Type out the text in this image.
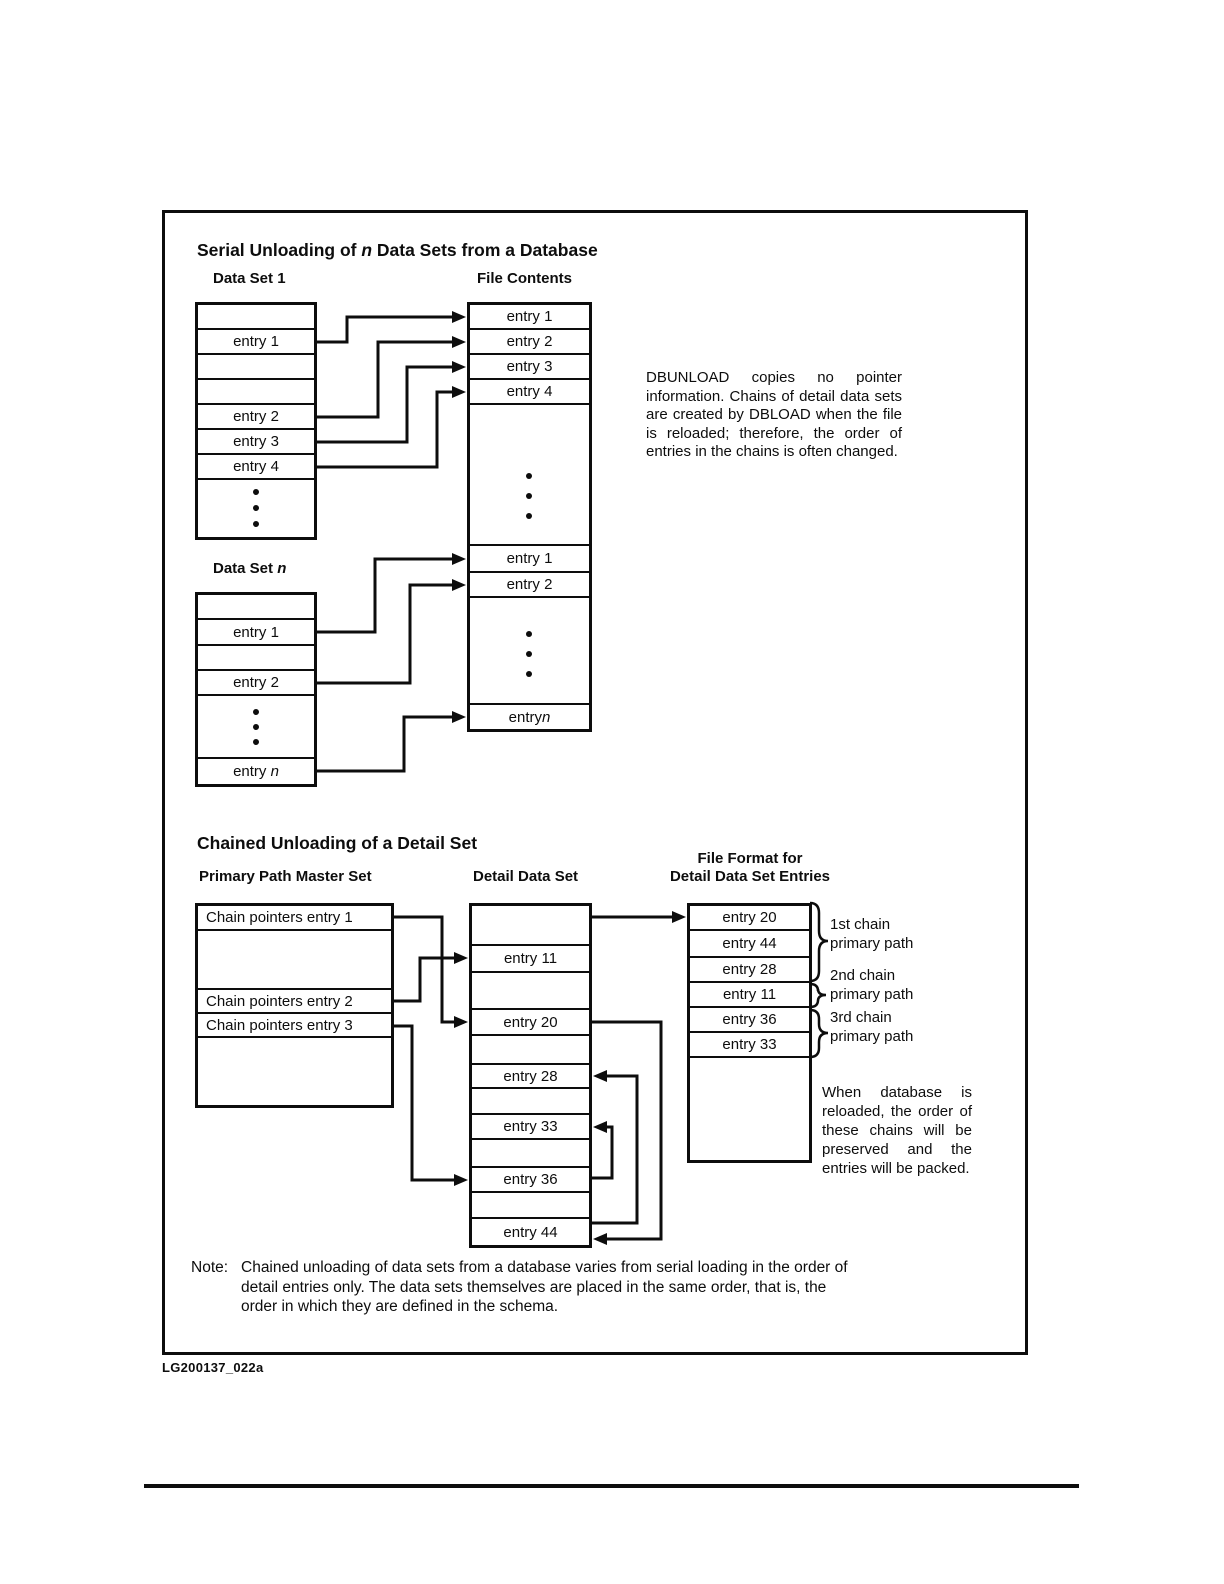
Serial Unloading of n Data Sets from a Database
Data Set 1	File Contents
entry 1
entry 2
entry 3
entry 4
entry 1
entry 2
entry 3
entry 4
entry 1
entry 2
entry n
DBUNLOAD copies no pointer information. Chains of detail data sets are created by DBLOAD when the file is reloaded; therefore, the order of entries in the chains is often changed.
Data Set n
entry 1
entry 2
entry
n
Chained Unloading of a Detail Set
Primary Path Master Set	Detail Data Set
File Format for
Detail Data Set Entries
Chain pointers entry 1
Chain pointers entry 2
Chain pointers entry 3
entry 11
entry 20
entry 28
entry 33
entry 36
entry 44
entry 20
entry 44
entry 28
entry 11
entry 36
entry 33
1st chain
primary path
2nd chain
primary path
3rd chain
primary path
When database is reloaded, the order of these chains will be preserved and the entries will be packed.
Note: Chained unloading of data sets from a database varies from serial loading in the order of detail entries only. The data sets themselves are placed in the same order, that is, the order in which they are defined in the schema.
LG200137_022a
